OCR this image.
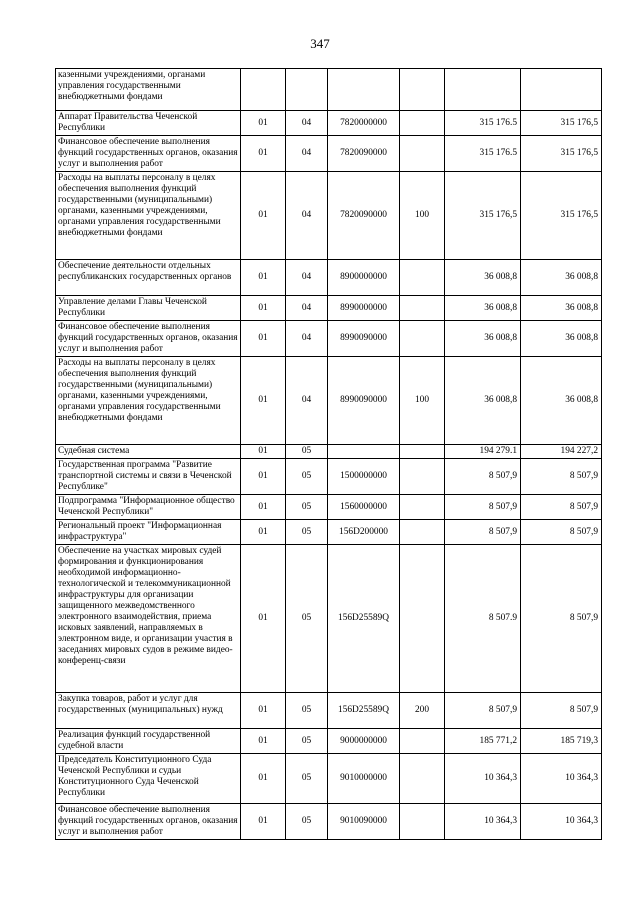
347
казенными учреждениями, органами управления государственными внебюджетными фондами						
Аппарат Правительства Чеченской Республики	01	04	7820000000		315 176.5	315 176,5
Финансовое обеспечение выполнения функций государственных органов, оказания услуг и выполнения работ	01	04	7820090000		315 176.5	315 176,5
Расходы на выплаты персоналу в целях обеспечения выполнения функций государственными (муниципальными) органами, казенными учреждениями, органами управления государственными внебюджетными фондами	01	04	7820090000	100	315 176,5	315 176,5
Обеспечение деятельности отдельных республиканских государственных органов	01	04	8900000000		36 008,8	36 008,8
Управление делами Главы Чеченской Республики	01	04	8990000000		36 008,8	36 008,8
Финансовое обеспечение выполнения функций государственных органов, оказания услуг и выполнения работ	01	04	8990090000		36 008,8	36 008,8
Расходы на выплаты персоналу в целях обеспечения выполнения функций государственными (муниципальными) органами, казенными учреждениями, органами управления государственными внебюджетными фондами	01	04	8990090000	100	36 008,8	36 008,8
Судебная система	01	05			194 279.1	194 227,2
Государственная программа "Развитие транспортной системы и связи в Чеченской Республике"	01	05	1500000000		8 507,9	8 507,9
Подпрограмма "Информационное общество Чеченской Республики"	01	05	1560000000		8 507,9	8 507,9
Региональный проект "Информационная инфраструктура"	01	05	156D200000		8 507,9	8 507,9
Обеспечение на участках мировых судей формирования и функционирования необходимой информационно-технологической и телекоммуникационной инфраструктуры для организации защищенного межведомственного электронного взаимодействия, приема исковых заявлений, направляемых в электронном виде, и организации участия в заседаниях мировых судов в режиме видео-конференц-связи	01	05	156D25589Q		8 507.9	8 507,9
Закупка товаров, работ и услуг для государственных (муниципальных) нужд	01	05	156D25589Q	200	8 507,9	8 507,9
Реализация функций государственной судебной власти	01	05	9000000000		185 771,2	185 719,3
Председатель Конституционного Суда Чеченской Республики и судьи Конституционного Суда Чеченской Республики	01	05	9010000000		10 364,3	10 364,3
Финансовое обеспечение выполнения функций государственных органов, оказания услуг и выполнения работ	01	05	9010090000		10 364,3	10 364,3
